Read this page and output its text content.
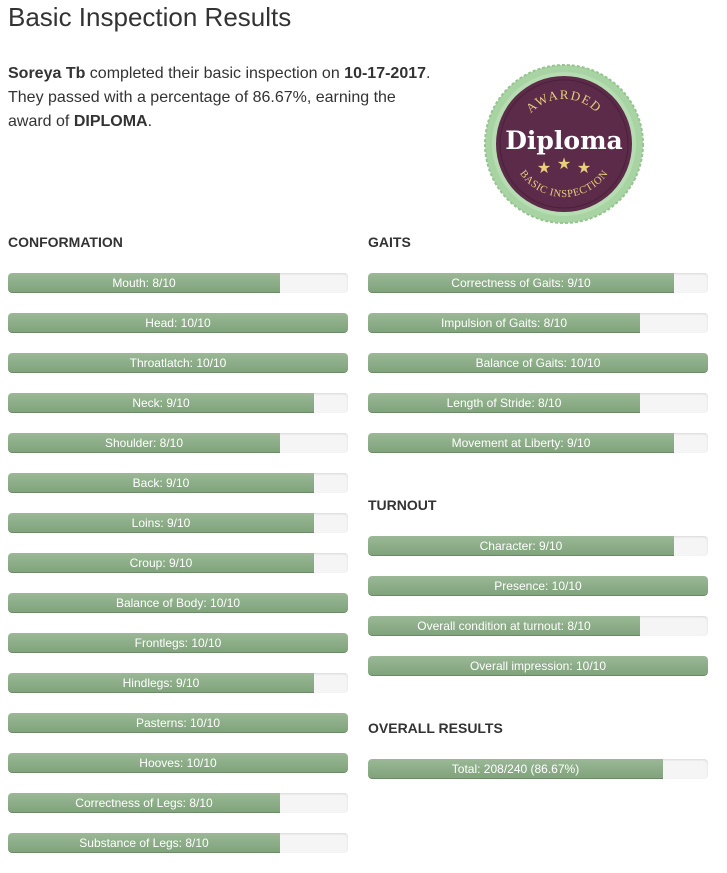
Basic Inspection Results
Soreya Tb completed their basic inspection on 10-17-2017.
They passed with a percentage of 86.67%, earning the
award of DIPLOMA.
AWARDED
Diploma
★ ★ ★
BASIC INSPECTION
CONFORMATION
Mouth: 8/10
Head: 10/10
Throatlatch: 10/10
Neck: 9/10
Shoulder: 8/10
Back: 9/10
Loins: 9/10
Croup: 9/10
Balance of Body: 10/10
Frontlegs: 10/10
Hindlegs: 9/10
Pasterns: 10/10
Hooves: 10/10
Correctness of Legs: 8/10
Substance of Legs: 8/10
GAITS
Correctness of Gaits: 9/10
Impulsion of Gaits: 8/10
Balance of Gaits: 10/10
Length of Stride: 8/10
Movement at Liberty: 9/10
TURNOUT
Character: 9/10
Presence: 10/10
Overall condition at turnout: 8/10
Overall impression: 10/10
OVERALL RESULTS
Total: 208/240 (86.67%)
